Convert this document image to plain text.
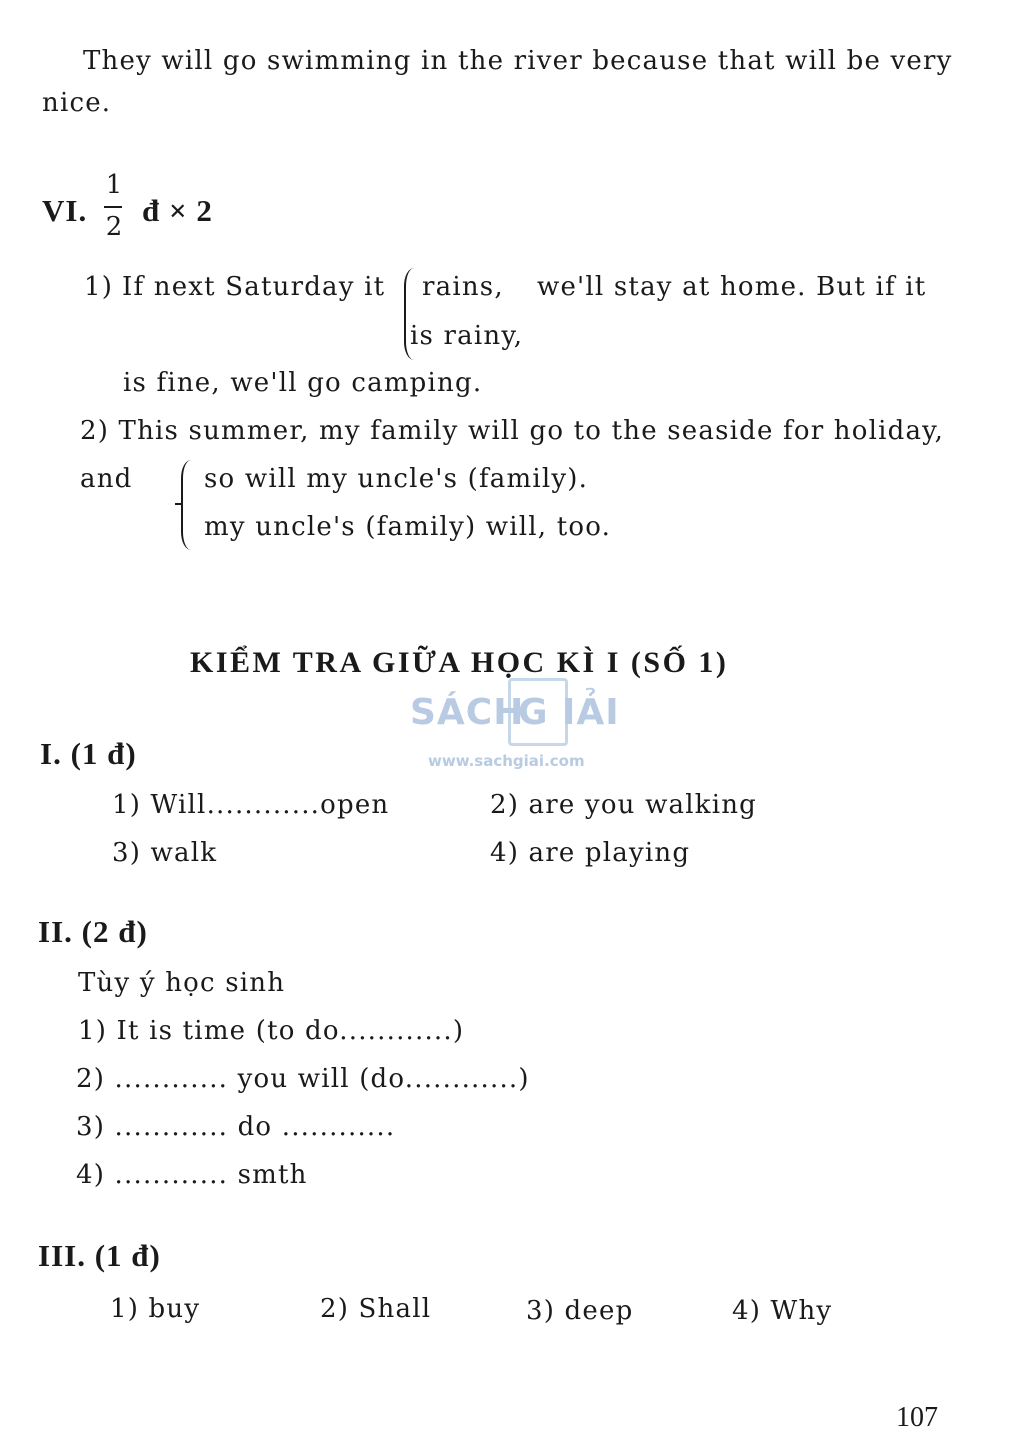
They will go swimming in the river because that will be very
nice.
VI.
1
2 đ × 2
1) If next Saturday it rains,
is rainy,
we'll stay at home. But if it
is fine, we'll go camping.
2) This summer, my family will go to the seaside for holiday,
and	so will my uncle's (family).
my uncle's (family) will, too.
KIỂM TRA GIỮA HỌC KÌ I (SỐ 1)
SÁCH
G IẢI
www.sachgiai.com
I. (1 đ)
1) Will............open	2) are you walking
3) walk	4) are playing
II. (2 đ)
Tùy ý học sinh
1) It is time (to do............)
2) ............ you will (do............)
3) ............ do ............
4) ............ smth
III. (1 đ)
1) buy	2) Shall	3) deep	4) Why
107
